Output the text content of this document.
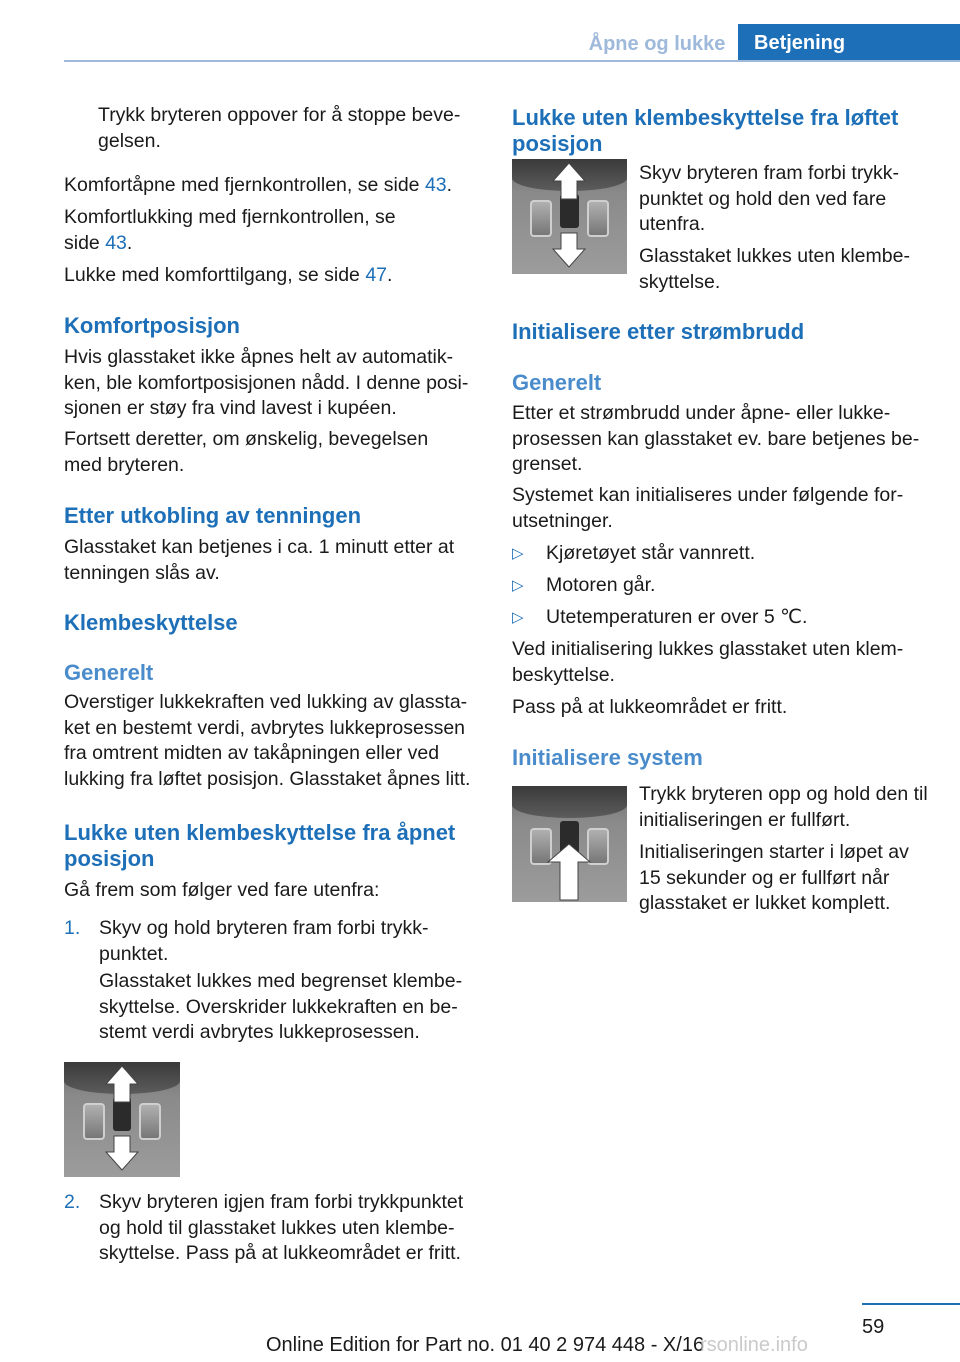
Åpne og lukke	Betjening

Trykk bryteren oppover for å stoppe beve-gelsen.

Komfortåpne med fjernkontrollen, se side 43.

Komfortlukking med fjernkontrollen, se side 43.

Lukke med komforttilgang, se side 47.

Komfortposisjon

Hvis glasstaket ikke åpnes helt av automatik-ken, ble komfortposisjonen nådd. I denne posi-sjonen er støy fra vind lavest i kupéen.

Fortsett deretter, om ønskelig, bevegelsen med bryteren.

Etter utkobling av tenningen

Glasstaket kan betjenes i ca. 1 minutt etter at tenningen slås av.

Klembeskyttelse
Generelt

Overstiger lukkekraften ved lukking av glassta-ket en bestemt verdi, avbrytes lukkeprosessen fra omtrent midten av takåpningen eller ved lukking fra løftet posisjon. Glasstaket åpnes litt.

Lukke uten klembeskyttelse fra åpnet posisjon

Gå frem som følger ved fare utenfra:

1. Skyv og hold bryteren fram forbi trykk-punktet.

Glasstaket lukkes med begrenset klembe-skyttelse. Overskrider lukkekraften en be-stemt verdi avbrytes lukkeprosessen.

2. Skyv bryteren igjen fram forbi trykkpunktet og hold til glasstaket lukkes uten klembe-skyttelse. Pass på at lukkeområdet er fritt.

Lukke uten klembeskyttelse fra løftet posisjon

Skyv bryteren fram forbi trykk-punktet og hold den ved fare utenfra.

Glasstaket lukkes uten klembe-skyttelse.

Initialisere etter strømbrudd
Generelt

Etter et strømbrudd under åpne- eller lukke-prosessen kan glasstaket ev. bare betjenes be-grenset.

Systemet kan initialiseres under følgende for-utsetninger.

▷ Kjøretøyet står vannrett.
▷ Motoren går.
▷ Utetemperaturen er over 5 ℃.

Ved initialisering lukkes glasstaket uten klem-beskyttelse.

Pass på at lukkeområdet er fritt.

Initialisere system

Trykk bryteren opp og hold den til initialiseringen er fullført.

Initialiseringen starter i løpet av 15 sekunder og er fullført når glasstaket er lukket komplett.

59
Online Edition for Part no. 01 40 2 974 448 - X/16
rsonline.info
